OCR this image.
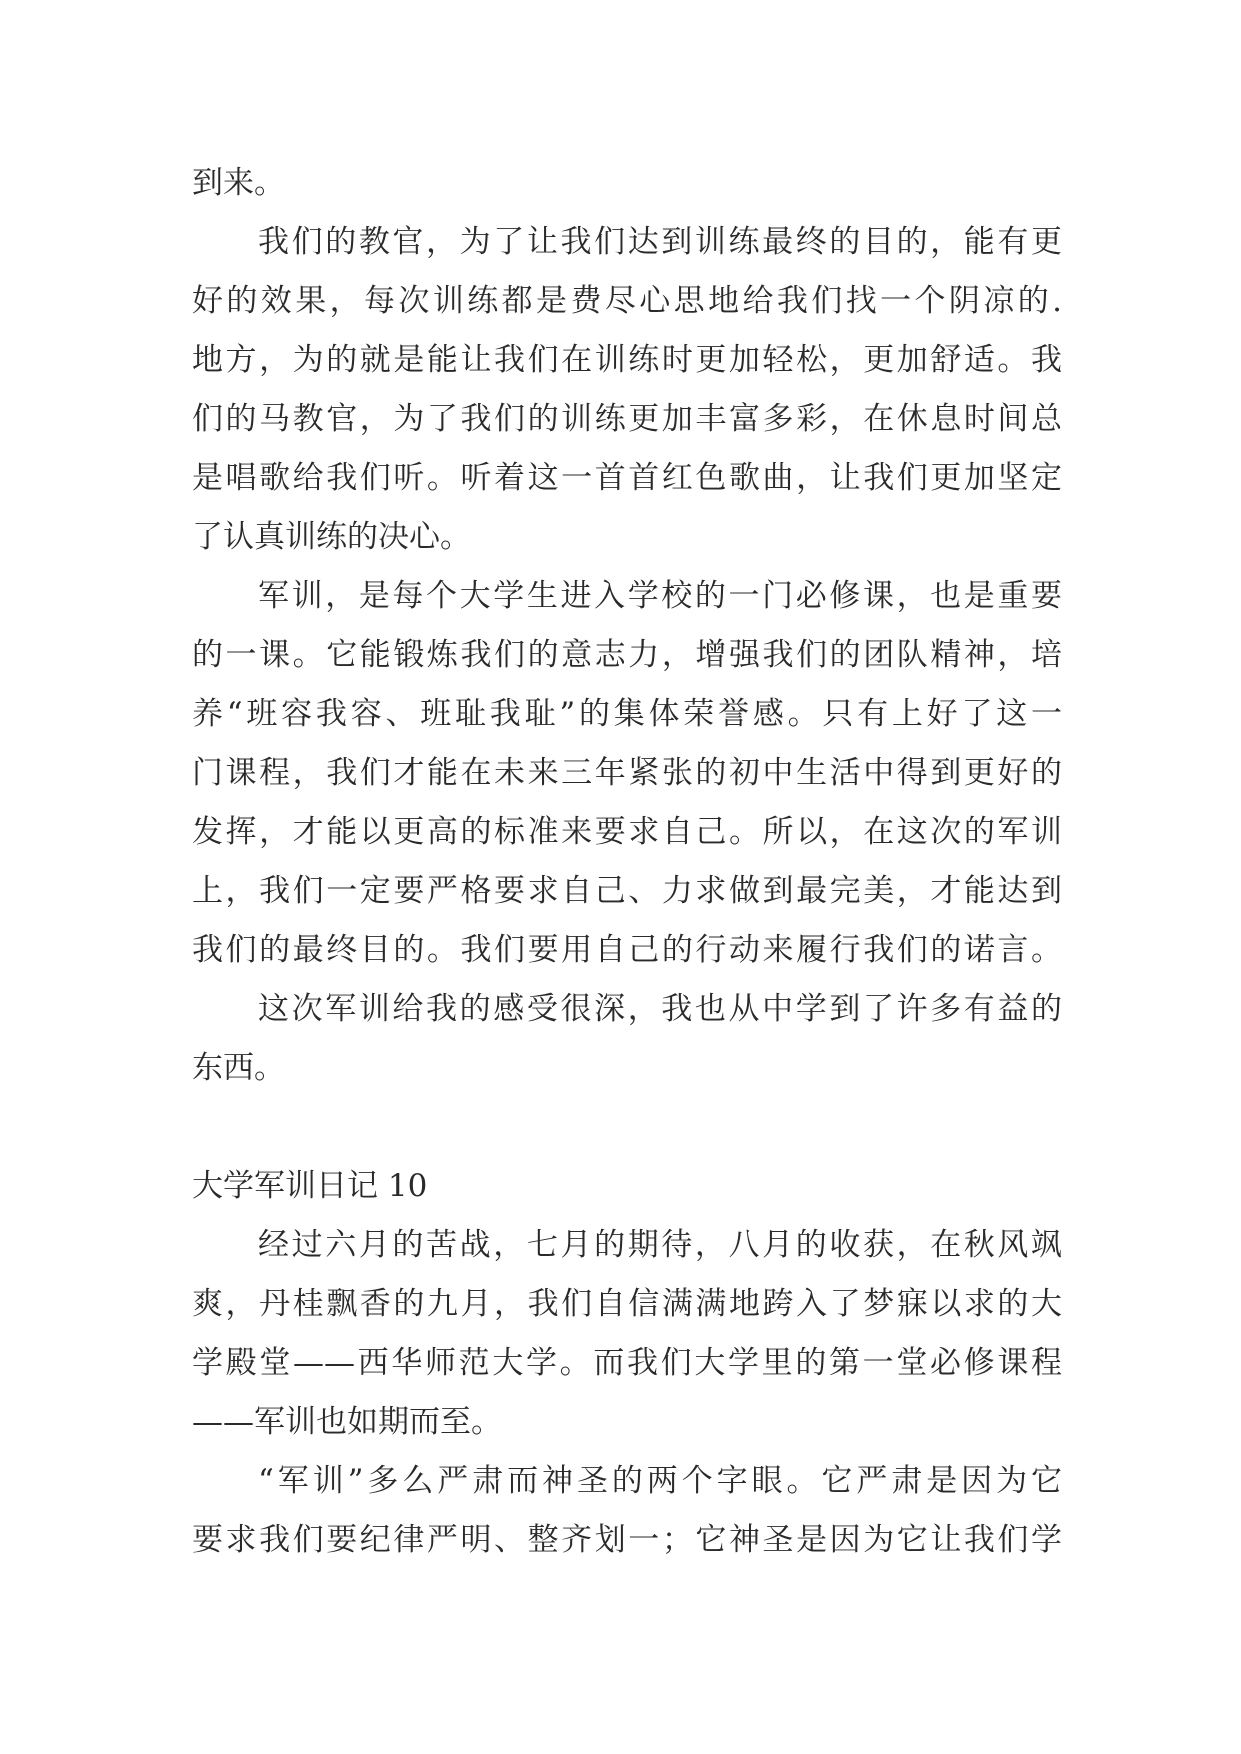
到来。
我们的教官，为了让我们达到训练最终的目的，能有更
好的效果，每次训练都是费尽心思地给我们找一个阴凉的.
地方，为的就是能让我们在训练时更加轻松，更加舒适。我
们的马教官，为了我们的训练更加丰富多彩，在休息时间总
是唱歌给我们听。听着这一首首红色歌曲，让我们更加坚定
了认真训练的决心。
军训，是每个大学生进入学校的一门必修课，也是重要
的一课。它能锻炼我们的意志力，增强我们的团队精神，培
养“班容我容、班耻我耻”的集体荣誉感。只有上好了这一
门课程，我们才能在未来三年紧张的初中生活中得到更好的
发挥，才能以更高的标准来要求自己。所以，在这次的军训
上，我们一定要严格要求自己、力求做到最完美，才能达到
我们的最终目的。我们要用自己的行动来履行我们的诺言。
这次军训给我的感受很深，我也从中学到了许多有益的
东西。
大学军训日记 10
经过六月的苦战，七月的期待，八月的收获，在秋风飒
爽，丹桂飘香的九月，我们自信满满地跨入了梦寐以求的大
学殿堂——西华师范大学。而我们大学里的第一堂必修课程
——军训也如期而至。
“军训”多么严肃而神圣的两个字眼。它严肃是因为它
要求我们要纪律严明、整齐划一；它神圣是因为它让我们学
